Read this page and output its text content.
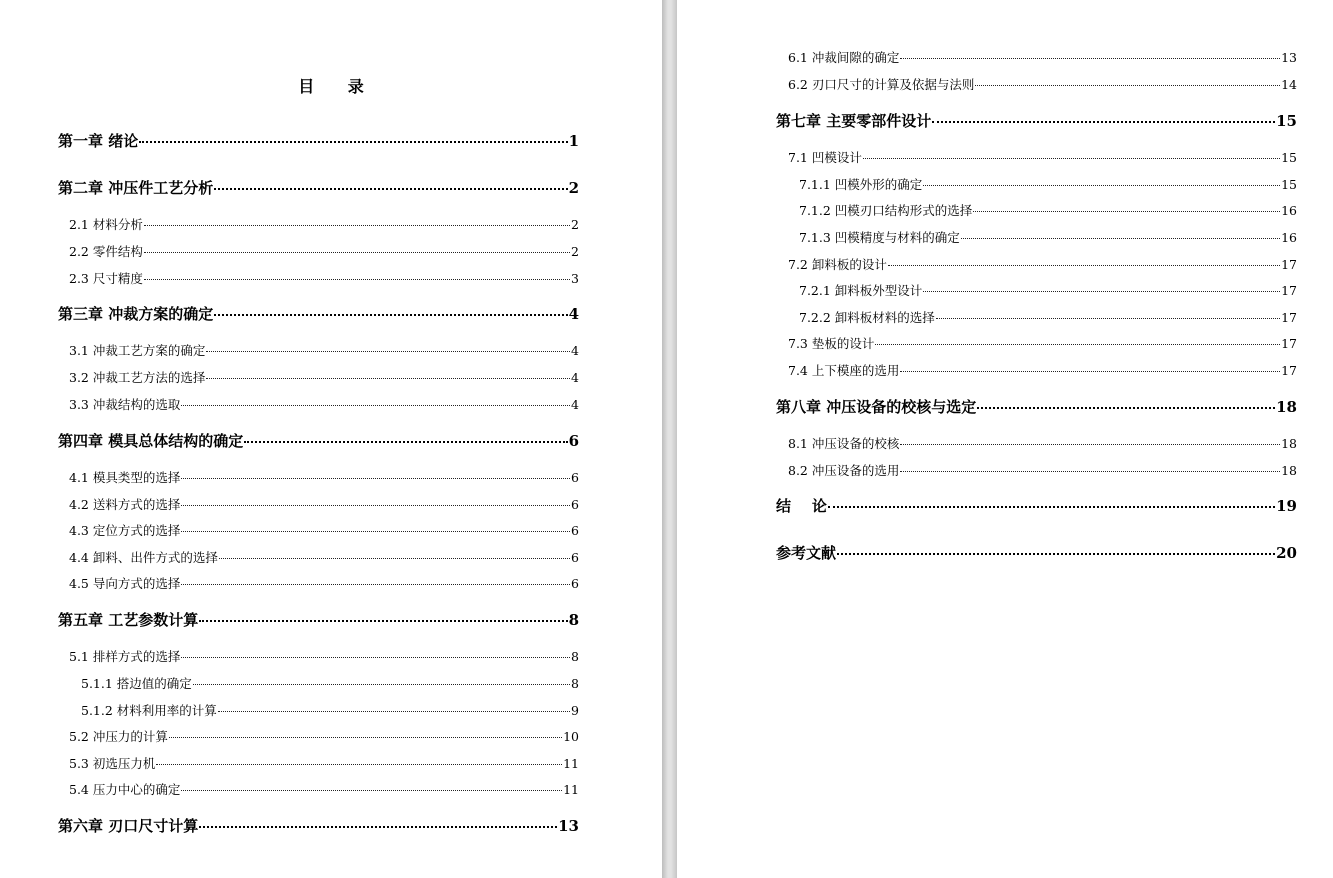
目 录
第一章 绪论	1
第二章 冲压件工艺分析	2
2.1 材料分析	2
2.2 零件结构	2
2.3 尺寸精度	3
第三章 冲裁方案的确定	4
3.1 冲裁工艺方案的确定	4
3.2 冲裁工艺方法的选择	4
3.3 冲裁结构的选取	4
第四章 模具总体结构的确定	6
4.1 模具类型的选择	6
4.2 送料方式的选择	6
4.3 定位方式的选择	6
4.4 卸料、出件方式的选择	6
4.5 导向方式的选择	6
第五章 工艺参数计算	8
5.1 排样方式的选择	8
5.1.1 搭边值的确定	8
5.1.2 材料利用率的计算	9
5.2 冲压力的计算	10
5.3 初选压力机	11
5.4 压力中心的确定	11
第六章 刃口尺寸计算	13
6.1 冲裁间隙的确定	13
6.2 刃口尺寸的计算及依据与法则	14
第七章 主要零部件设计	15
7.1 凹模设计	15
7.1.1 凹模外形的确定	15
7.1.2 凹模刃口结构形式的选择	16
7.1.3 凹模精度与材料的确定	16
7.2 卸料板的设计	17
7.2.1 卸料板外型设计	17
7.2.2 卸料板材料的选择	17
7.3 垫板的设计	17
7.4 上下模座的选用	17
第八章 冲压设备的校核与选定	18
8.1 冲压设备的校核	18
8.2 冲压设备的选用	18
结    论	19
参考文献	20
